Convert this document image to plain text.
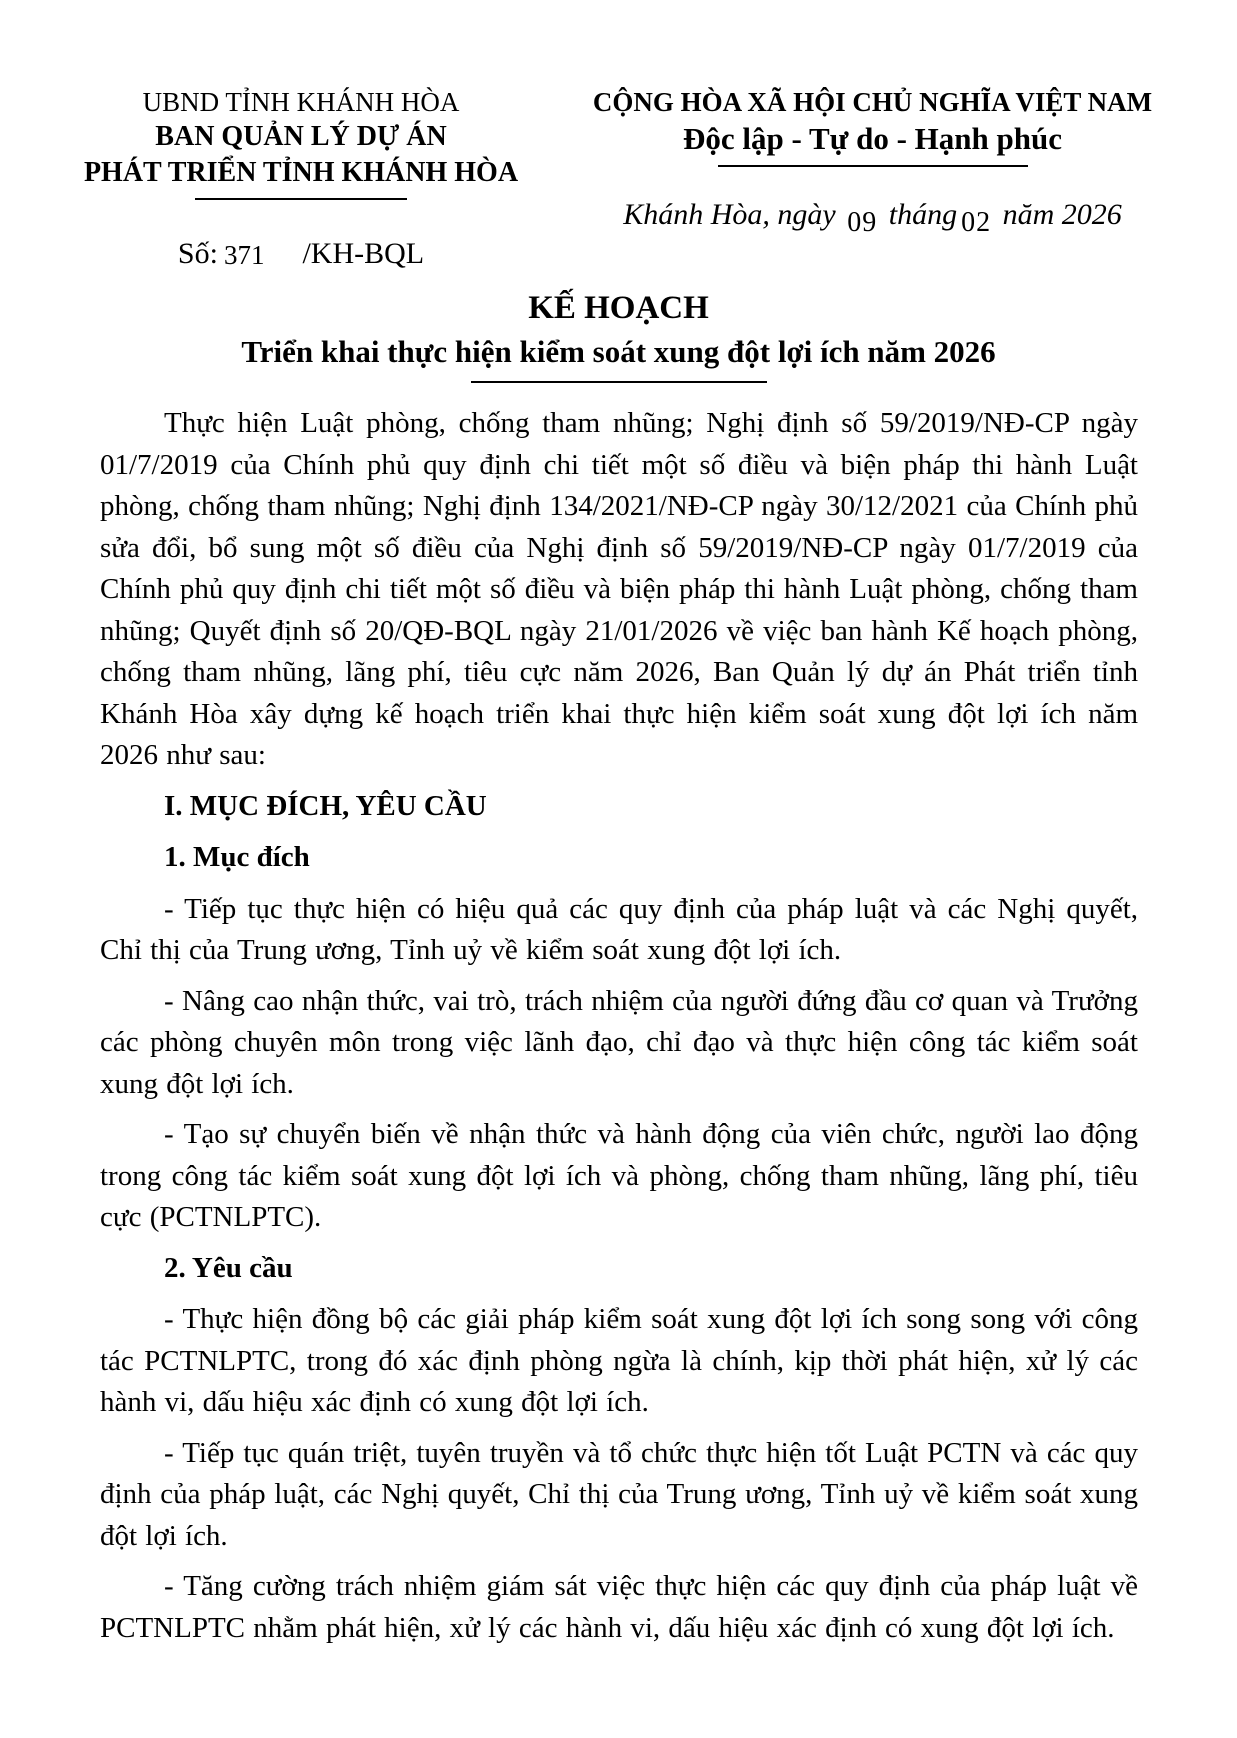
UBND TỈNH KHÁNH HÒA
BAN QUẢN LÝ DỰ ÁN
PHÁT TRIỂN TỈNH KHÁNH HÒA
Số: 371 /KH-BQL
CỘNG HÒA XÃ HỘI CHỦ NGHĨA VIỆT NAM
Độc lập - Tự do - Hạnh phúc
Khánh Hòa, ngày 09 tháng 02 năm 2026
KẾ HOẠCH
Triển khai thực hiện kiểm soát xung đột lợi ích năm 2026

Thực hiện Luật phòng, chống tham nhũng; Nghị định số 59/2019/NĐ-CP ngày 01/7/2019 của Chính phủ quy định chi tiết một số điều và biện pháp thi hành Luật phòng, chống tham nhũng; Nghị định 134/2021/NĐ-CP ngày 30/12/2021 của Chính phủ sửa đổi, bổ sung một số điều của Nghị định số 59/2019/NĐ-CP ngày 01/7/2019 của Chính phủ quy định chi tiết một số điều và biện pháp thi hành Luật phòng, chống tham nhũng; Quyết định số 20/QĐ-BQL ngày 21/01/2026 về việc ban hành Kế hoạch phòng, chống tham nhũng, lãng phí, tiêu cực năm 2026, Ban Quản lý dự án Phát triển tỉnh Khánh Hòa xây dựng kế hoạch triển khai thực hiện kiểm soát xung đột lợi ích năm 2026 như sau:

I. MỤC ĐÍCH, YÊU CẦU

1. Mục đích

- Tiếp tục thực hiện có hiệu quả các quy định của pháp luật và các Nghị quyết, Chỉ thị của Trung ương, Tỉnh uỷ về kiểm soát xung đột lợi ích.

- Nâng cao nhận thức, vai trò, trách nhiệm của người đứng đầu cơ quan và Trưởng các phòng chuyên môn trong việc lãnh đạo, chỉ đạo và thực hiện công tác kiểm soát xung đột lợi ích.

- Tạo sự chuyển biến về nhận thức và hành động của viên chức, người lao động trong công tác kiểm soát xung đột lợi ích và phòng, chống tham nhũng, lãng phí, tiêu cực (PCTNLPTC).

2. Yêu cầu

- Thực hiện đồng bộ các giải pháp kiểm soát xung đột lợi ích song song với công tác PCTNLPTC, trong đó xác định phòng ngừa là chính, kịp thời phát hiện, xử lý các hành vi, dấu hiệu xác định có xung đột lợi ích.

- Tiếp tục quán triệt, tuyên truyền và tổ chức thực hiện tốt Luật PCTN và các quy định của pháp luật, các Nghị quyết, Chỉ thị của Trung ương, Tỉnh uỷ về kiểm soát xung đột lợi ích.

- Tăng cường trách nhiệm giám sát việc thực hiện các quy định của pháp luật về PCTNLPTC nhằm phát hiện, xử lý các hành vi, dấu hiệu xác định có xung đột lợi ích.
